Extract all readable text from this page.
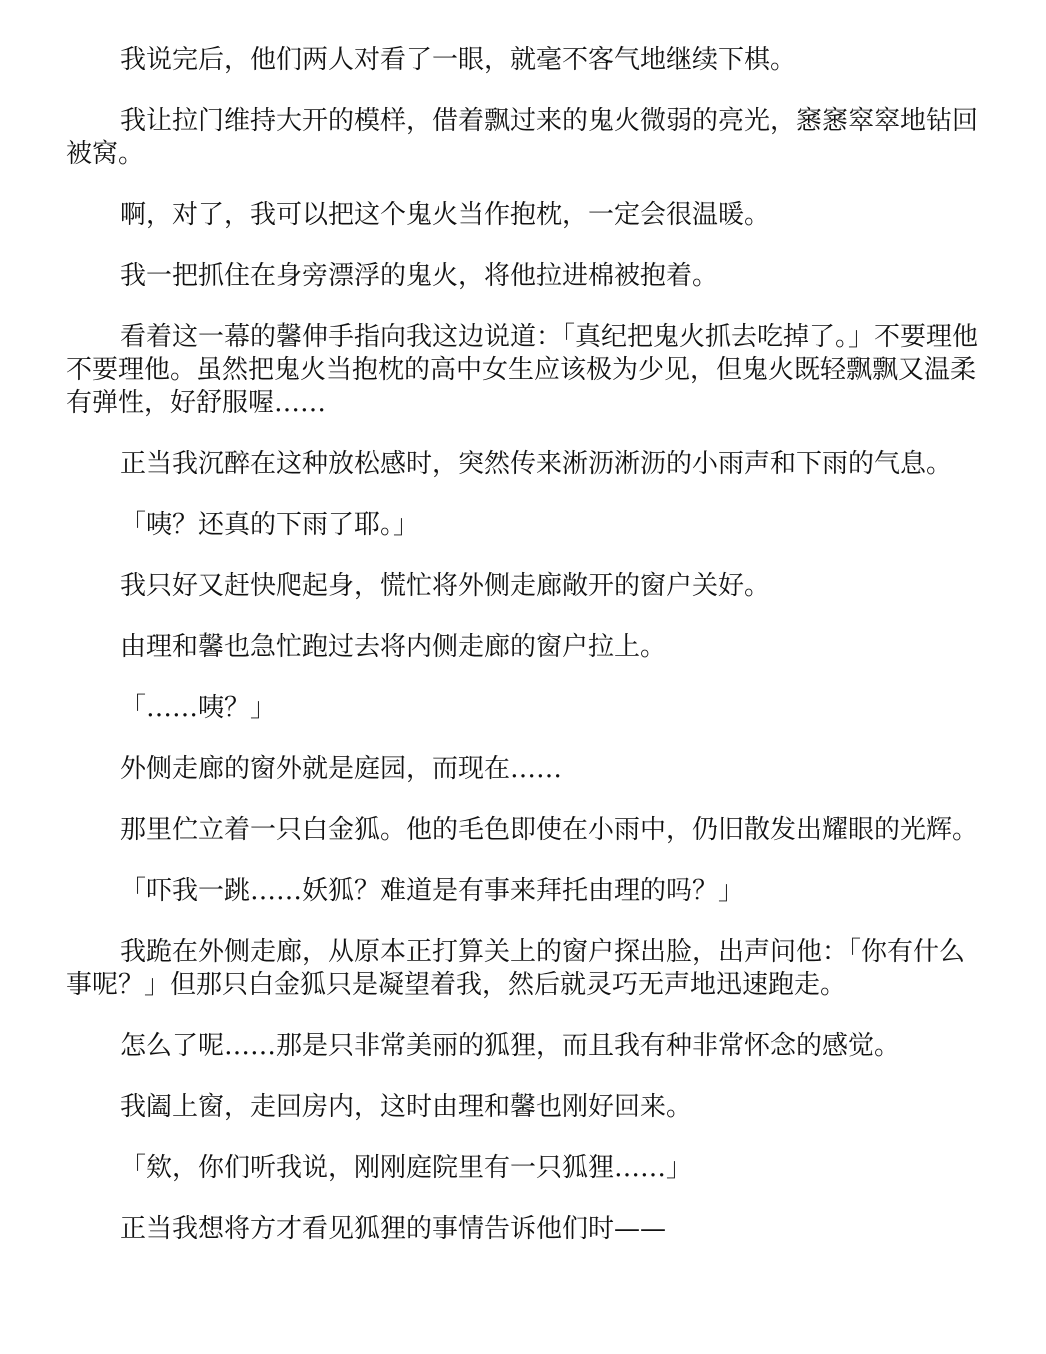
我说完后，他们两人对看了一眼，就毫不客气地继续下棋。

我让拉门维持大开的模样，借着飘过来的鬼火微弱的亮光，窸窸窣窣地钻回被窝。

啊，对了，我可以把这个鬼火当作抱枕，一定会很温暖。

我一把抓住在身旁漂浮的鬼火，将他拉进棉被抱着。

看着这一幕的馨伸手指向我这边说道：「真纪把鬼火抓去吃掉了。」不要理他不要理他。虽然把鬼火当抱枕的高中女生应该极为少见，但鬼火既轻飘飘又温柔有弹性，好舒服喔……

正当我沉醉在这种放松感时，突然传来淅沥淅沥的小雨声和下雨的气息。

「咦？还真的下雨了耶。」

我只好又赶快爬起身，慌忙将外侧走廊敞开的窗户关好。

由理和馨也急忙跑过去将内侧走廊的窗户拉上。

「……咦？」

外侧走廊的窗外就是庭园，而现在……

那里伫立着一只白金狐。他的毛色即使在小雨中，仍旧散发出耀眼的光辉。

「吓我一跳……妖狐？难道是有事来拜托由理的吗？」

我跪在外侧走廊，从原本正打算关上的窗户探出脸，出声问他：「你有什么事呢？」但那只白金狐只是凝望着我，然后就灵巧无声地迅速跑走。

怎么了呢……那是只非常美丽的狐狸，而且我有种非常怀念的感觉。

我阖上窗，走回房内，这时由理和馨也刚好回来。

「欸，你们听我说，刚刚庭院里有一只狐狸……」

正当我想将方才看见狐狸的事情告诉他们时——
